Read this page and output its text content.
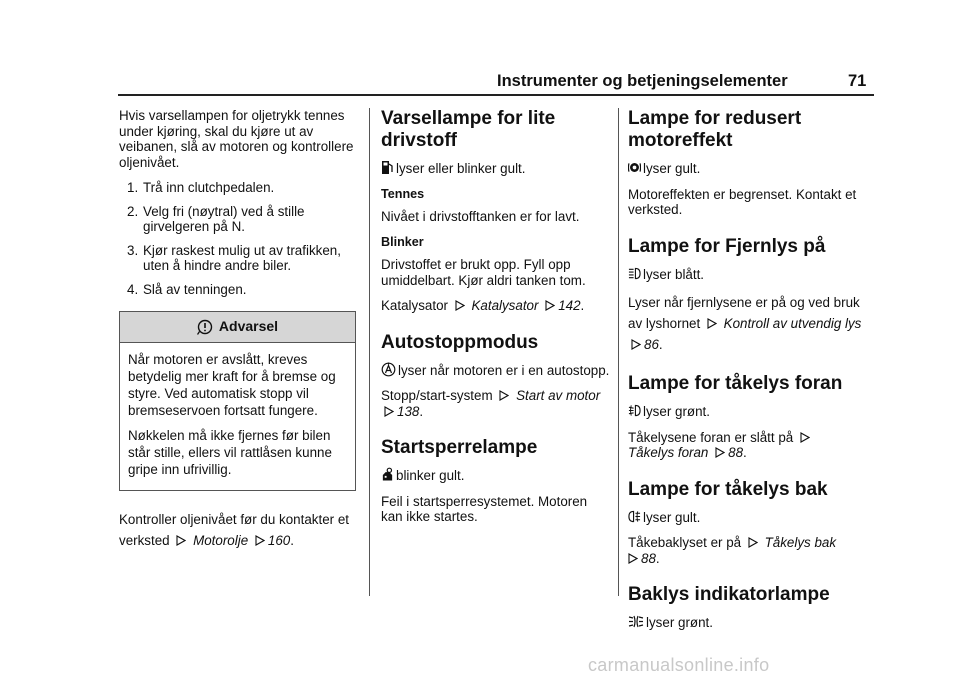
Instrumenter og betjeningselementer	71

Hvis varsellampen for oljetrykk tennes under kjøring, skal du kjøre ut av veibanen, slå av motoren og kontrollere oljenivået.

1. Trå inn clutchpedalen.
2. Velg fri (nøytral) ved å stille girvelgeren på N.
3. Kjør raskest mulig ut av trafikken, uten å hindre andre biler.
4. Slå av tenningen.
Advarsel

Når motoren er avslått, kreves betydelig mer kraft for å bremse og styre. Ved automatisk stopp vil bremseservoen fortsatt fungere.

Nøkkelen må ikke fjernes før bilen står stille, ellers vil rattlåsen kunne gripe inn ufrivillig.

Kontroller oljenivået før du kontakter et verksted Motorolje 160.

Varsellampe for lite drivstoff

lyser eller blinker gult.

Tennes

Nivået i drivstofftanken er for lavt.

Blinker

Drivstoffet er brukt opp. Fyll opp umiddelbart. Kjør aldri tanken tom.

Katalysator Katalysator 142.

Autostoppmodus

lyser når motoren er i en autostopp.

Stopp/start-system Start av motor 138.

Startsperrelampe

blinker gult.

Feil i startsperresystemet. Motoren kan ikke startes.

Lampe for redusert motoreffekt

lyser gult.

Motoreffekten er begrenset. Kontakt et verksted.

Lampe for Fjernlys på

lyser blått.

Lyser når fjernlysene er på og ved bruk av lyshornet Kontroll av utvendig lys 86.

Lampe for tåkelys foran

lyser grønt.

Tåkelysene foran er slått på
Tåkelys foran 88.

Lampe for tåkelys bak

lyser gult.

Tåkebaklyset er på Tåkelys bak
88.

Baklys indikatorlampe

lyser grønt.

carmanualsonline.info
